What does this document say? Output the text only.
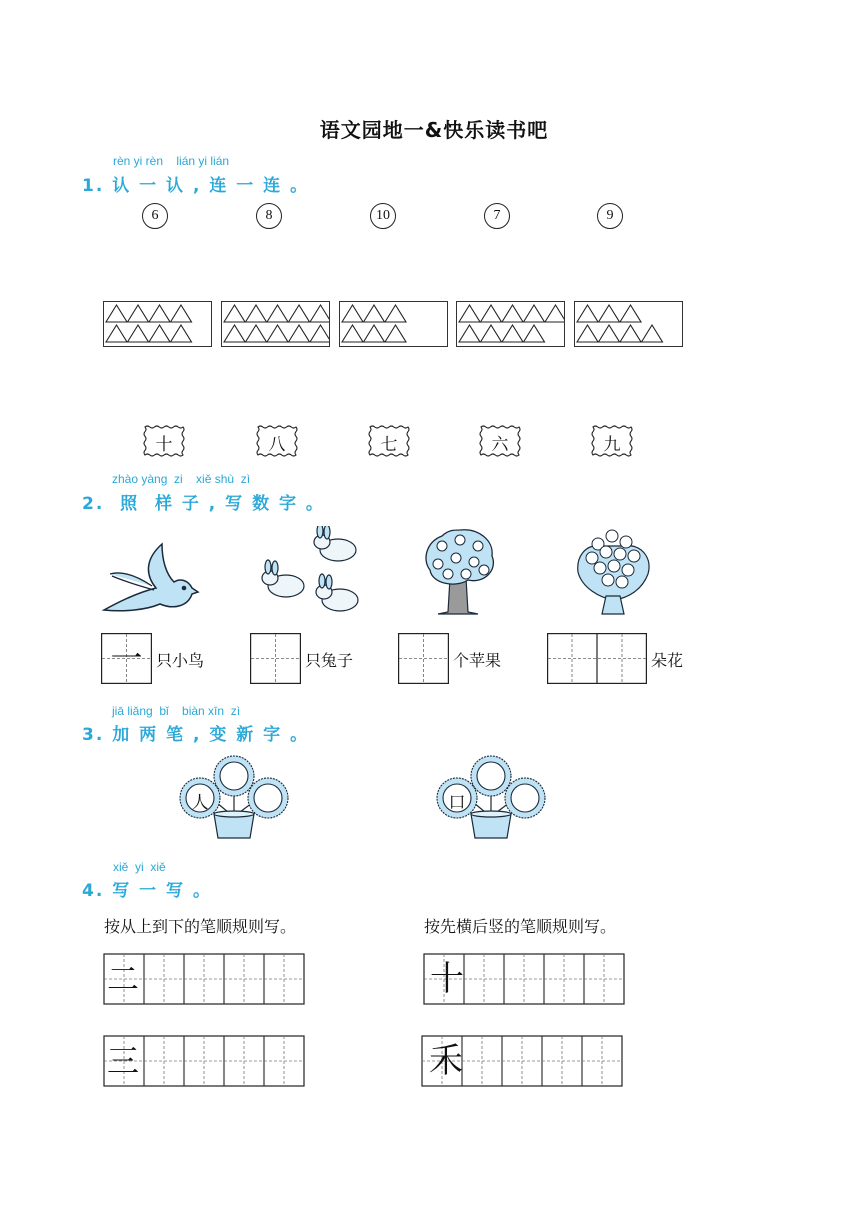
语文园地一&快乐读书吧
rèn yi rèn    lián yi lián
1. 认 一 认 , 连 一 连 。
6	8	10	7	9
十	八	七	六	九
zhào yàng  zi    xiě shù  zì
2.  照  样 子 , 写 数 字 。
一 只小鸟	只兔子	个苹果	朵花
jiā liǎng  bǐ    biàn xīn  zì
3. 加 两 笔 , 变 新 字 。
人	口
xiě  yi  xiě
4. 写 一 写 。
按从上到下的笔顺规则写。	按先横后竖的笔顺规则写。
二
三
十
禾
